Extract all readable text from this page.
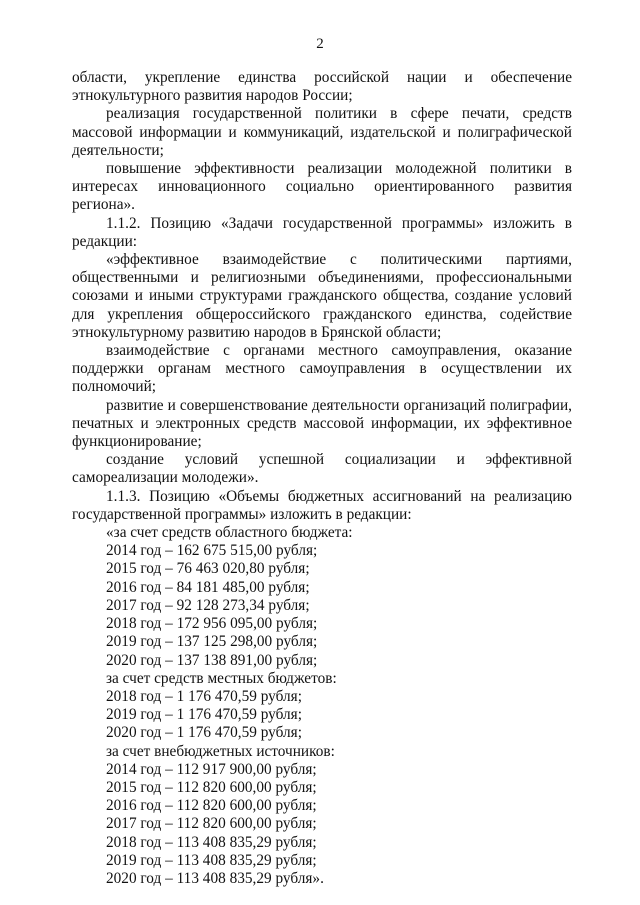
2

области, укрепление единства российской нации и обеспечение этнокультурного развития народов России;

реализация государственной политики в сфере печати, средств массовой информации и коммуникаций, издательской и полиграфической деятельности;

повышение эффективности реализации молодежной политики в интересах инновационного социально ориентированного развития региона».

1.1.2. Позицию «Задачи государственной программы» изложить в редакции:

«эффективное взаимодействие с политическими партиями, общественными и религиозными объединениями, профессиональными союзами и иными структурами гражданского общества, создание условий для укрепления общероссийского гражданского единства, содействие этнокультурному развитию народов в Брянской области;

взаимодействие с органами местного самоуправления, оказание поддержки органам местного самоуправления в осуществлении их полномочий;

развитие и совершенствование деятельности организаций полиграфии, печатных и электронных средств массовой информации, их эффективное функционирование;

создание условий успешной социализации и эффективной самореализации молодежи».

1.1.3. Позицию «Объемы бюджетных ассигнований на реализацию государственной программы» изложить в редакции:

«за счет средств областного бюджета:
2014 год – 162 675 515,00 рубля;
2015 год – 76 463 020,80 рубля;
2016 год – 84 181 485,00 рубля;
2017 год – 92 128 273,34 рубля;
2018 год – 172 956 095,00 рубля;
2019 год – 137 125 298,00 рубля;
2020 год – 137 138 891,00 рубля;
за счет средств местных бюджетов:
2018 год – 1 176 470,59 рубля;
2019 год – 1 176 470,59 рубля;
2020 год – 1 176 470,59 рубля;
за счет внебюджетных источников:
2014 год – 112 917 900,00 рубля;
2015 год – 112 820 600,00 рубля;
2016 год – 112 820 600,00 рубля;
2017 год – 112 820 600,00 рубля;
2018 год – 113 408 835,29 рубля;
2019 год – 113 408 835,29 рубля;
2020 год – 113 408 835,29 рубля».
